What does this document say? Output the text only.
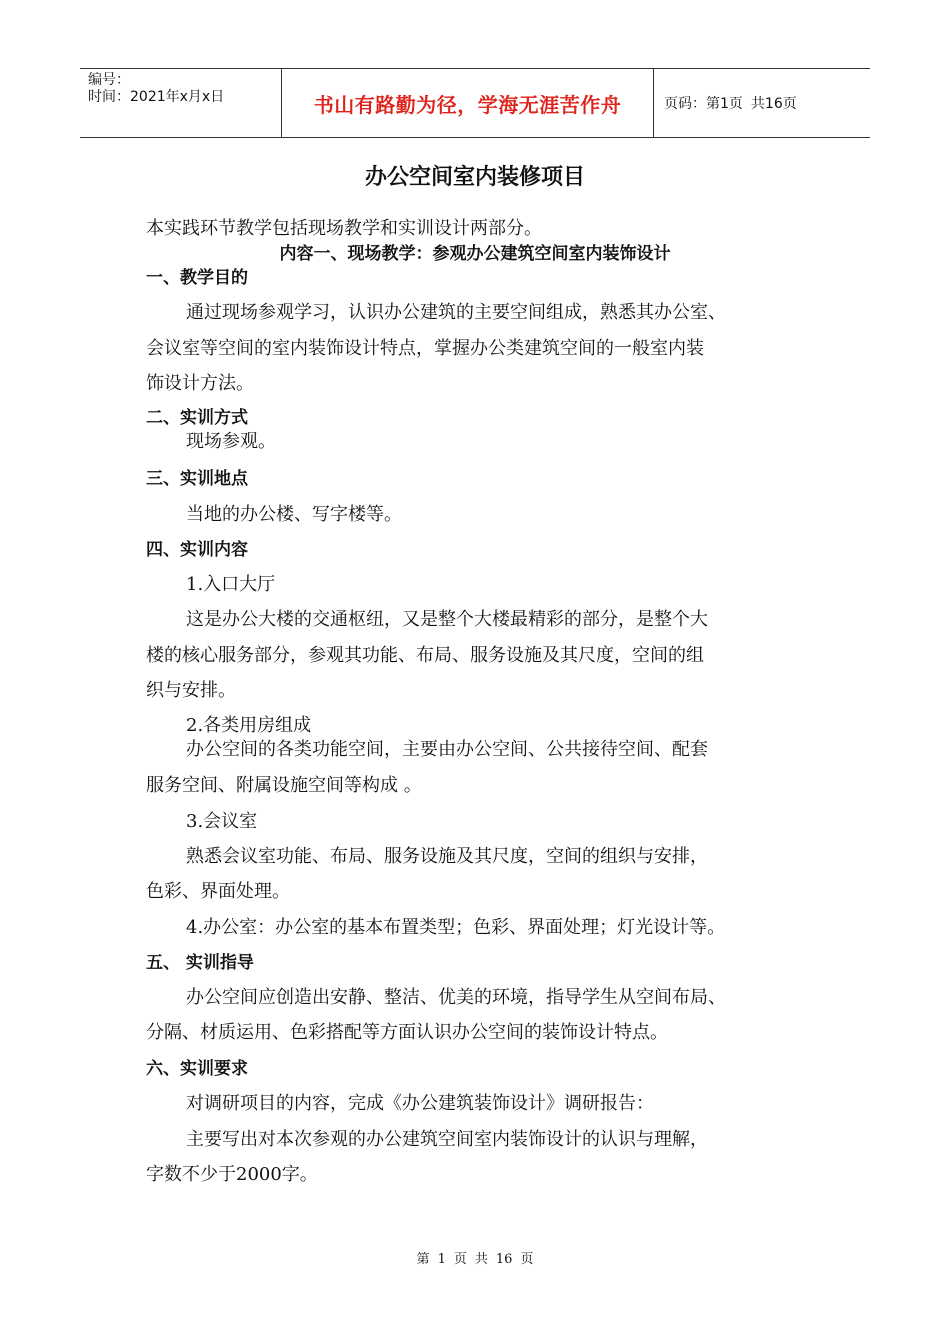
编号：
时间：2021年x月x日	书山有路勤为径，学海无涯苦作舟	页码：第1页 共16页
办公空间室内装修项目
本实践环节教学包括现场教学和实训设计两部分。
内容一、现场教学：参观办公建筑空间室内装饰设计
一、教学目的
通过现场参观学习，认识办公建筑的主要空间组成，熟悉其办公室、
会议室等空间的室内装饰设计特点，掌握办公类建筑空间的一般室内装
饰设计方法。
二、实训方式
现场参观。
三、实训地点
当地的办公楼、写字楼等。
四、实训内容
1.入口大厅
这是办公大楼的交通枢纽，又是整个大楼最精彩的部分，是整个大
楼的核心服务部分，参观其功能、布局、服务设施及其尺度，空间的组
织与安排。
2.各类用房组成
办公空间的各类功能空间，主要由办公空间、公共接待空间、配套
服务空间、附属设施空间等构成 。
3.会议室
熟悉会议室功能、布局、服务设施及其尺度，空间的组织与安排，
色彩、界面处理。
4.办公室：办公室的基本布置类型；色彩、界面处理；灯光设计等。
五、 实训指导
办公空间应创造出安静、整洁、优美的环境，指导学生从空间布局、
分隔、材质运用、色彩搭配等方面认识办公空间的装饰设计特点。
六、实训要求
对调研项目的内容，完成《办公建筑装饰设计》调研报告：
主要写出对本次参观的办公建筑空间室内装饰设计的认识与理解，
字数不少于2000字。
第 1 页 共 16 页
